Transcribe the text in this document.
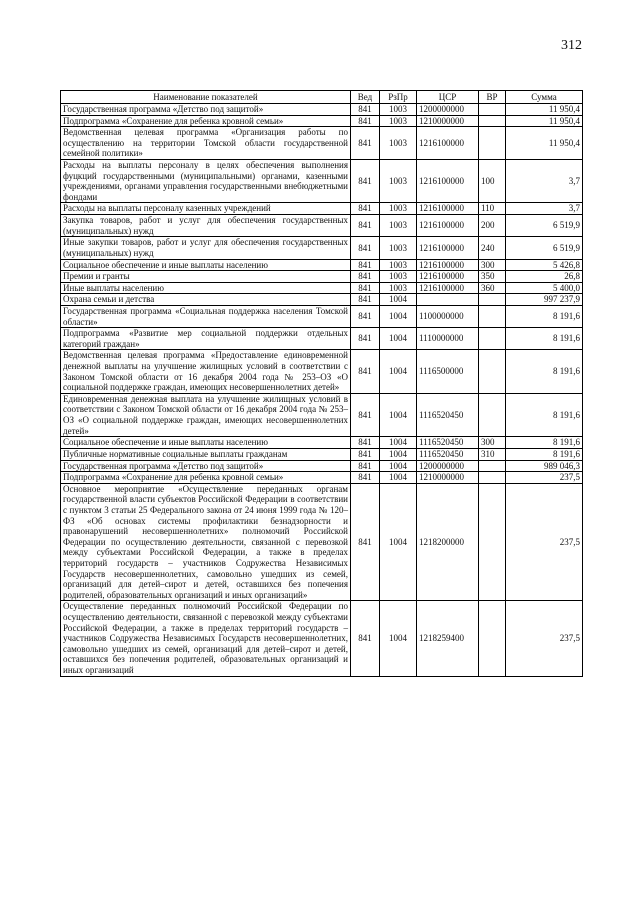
312
Наименование показателей	Вед	РзПр	ЦСР	ВР	Сумма
Государственная программа «Детство под защитой»	841	1003	1200000000		11 950,4
Подпрограмма «Сохранение для ребенка кровной семьи»	841	1003	1210000000		11 950,4
Ведомственная целевая программа «Организация работы по осуществлению на территории Томской области государственной семейной политики»	841	1003	1216100000		11 950,4
Расходы на выплаты персоналу в целях обеспечения выполнения фуцкций государственными (муниципальными) органами, казенными учреждениями, органами управления государственными внебюджетными фондами	841	1003	1216100000	100	3,7
Расходы на выплаты персоналу казенных учреждений	841	1003	1216100000	110	3,7
Закупка товаров, работ и услуг для обеспечения государственных (муниципальных) нужд	841	1003	1216100000	200	6 519,9
Иные закупки товаров, работ и услуг для обеспечения государственных (муниципальных) нужд	841	1003	1216100000	240	6 519,9
Социальное обеспечение и иные выплаты населению	841	1003	1216100000	300	5 426,8
Премии и гранты	841	1003	1216100000	350	26,8
Иные выплаты населению	841	1003	1216100000	360	5 400,0
Охрана семьи и детства	841	1004			997 237,9
Государственная программа «Социальная поддержка населения Томской области»	841	1004	1100000000		8 191,6
Подпрограмма «Развитие мер социальной поддержки отдельных категорий граждан»	841	1004	1110000000		8 191,6
Ведомственная целевая программа «Предоставление единовременной денежной выплаты на улучшение жилищных условий в соответствии с Законом Томской области от 16 декабря 2004 года № 253–ОЗ «О социальной поддержке граждан, имеющих несовершеннолетних детей»	841	1004	1116500000		8 191,6
Единовременная денежная выплата на улучшение жилищных условий в соответствии с Законом Томской области от 16 декабря 2004 года № 253–ОЗ «О социальной поддержке граждан, имеющих несовершеннолетних детей»	841	1004	1116520450		8 191,6
Социальное обеспечение и иные выплаты населению	841	1004	1116520450	300	8 191,6
Публичные нормативные социальные выплаты гражданам	841	1004	1116520450	310	8 191,6
Государственная программа «Детство под защитой»	841	1004	1200000000		989 046,3
Подпрограмма «Сохранение для ребенка кровной семьи»	841	1004	1210000000		237,5
Основное мероприятие «Осуществление переданных органам государственной власти субъектов Российской Федерации в соответствии с пунктом 3 статьи 25 Федерального закона от 24 июня 1999 года № 120–ФЗ «Об основах системы профилактики безнадзорности и правонарушений несовершеннолетних» полномочий Российской Федерации по осуществлению деятельности, связанной с перевозкой между субъектами Российской Федерации, а также в пределах территорий государств – участников Содружества Независимых Государств несовершеннолетних, самовольно ушедших из семей, организаций для детей–сирот и детей, оставшихся без попечения родителей, образовательных организаций и иных организаций»	841	1004	1218200000		237,5
Осуществление переданных полномочий Российской Федерации по осуществлению деятельности, связанной с перевозкой между субъектами Российской Федерации, а также в пределах территорий государств – участников Содружества Независимых Государств несовершеннолетних, самовольно ушедших из семей, организаций для детей–сирот и детей, оставшихся без попечения родителей, образовательных организаций и иных организаций	841	1004	1218259400		237,5
